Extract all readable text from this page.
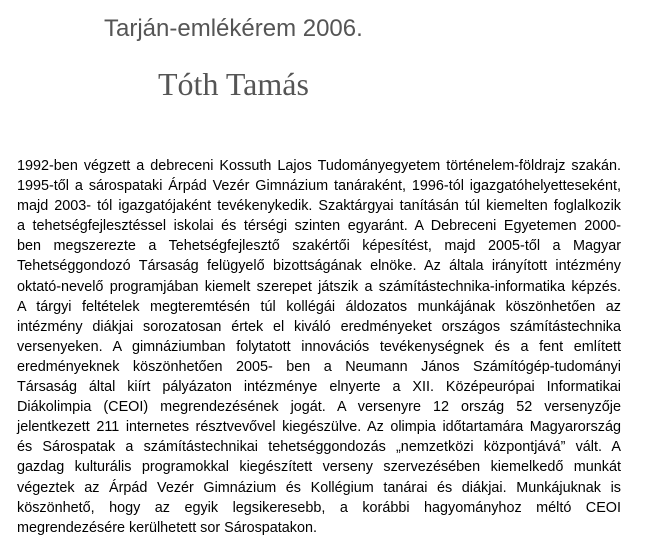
Tarján-emlékérem 2006.
Tóth Tamás
1992-ben végzett a debreceni Kossuth Lajos Tudományegyetem történelem-földrajz szakán.
1995-től a sárospataki Árpád Vezér Gimnázium tanáraként, 1996-tól igazgatóhelyetteseként,
majd 2003- tól igazgatójaként tevékenykedik. Szaktárgyai tanításán túl kiemelten foglalkozik
a tehetségfejlesztéssel iskolai és térségi szinten egyaránt. A Debreceni Egyetemen 2000-
ben megszerezte a Tehetségfejlesztő szakértői képesítést, majd 2005-től a Magyar
Tehetséggondozó Társaság felügyelő bizottságának elnöke. Az általa irányított intézmény
oktató-nevelő programjában kiemelt szerepet játszik a számítástechnika-informatika képzés.
A tárgyi feltételek megteremtésén túl kollégái áldozatos munkájának köszönhetően az
intézmény diákjai sorozatosan értek el kiváló eredményeket országos számítástechnika
versenyeken. A gimnáziumban folytatott innovációs tevékenységnek és a fent említett
eredményeknek köszönhetően 2005- ben a Neumann János Számítógép-tudományi
Társaság által kiírt pályázaton intézménye elnyerte a XII. Középeurópai Informatikai
Diákolimpia (CEOI) megrendezésének jogát. A versenyre 12 ország 52 versenyzője
jelentkezett 211 internetes résztvevővel kiegészülve. Az olimpia időtartamára Magyarország
és Sárospatak a számítástechnikai tehetséggondozás „nemzetközi központjává” vált. A
gazdag kulturális programokkal kiegészített verseny szervezésében kiemelkedő munkát
végeztek az Árpád Vezér Gimnázium és Kollégium tanárai és diákjai. Munkájuknak is
köszönhető, hogy az egyik legsikeresebb, a korábbi hagyományhoz méltó CEOI
megrendezésére kerülhetett sor Sárospatakon.
